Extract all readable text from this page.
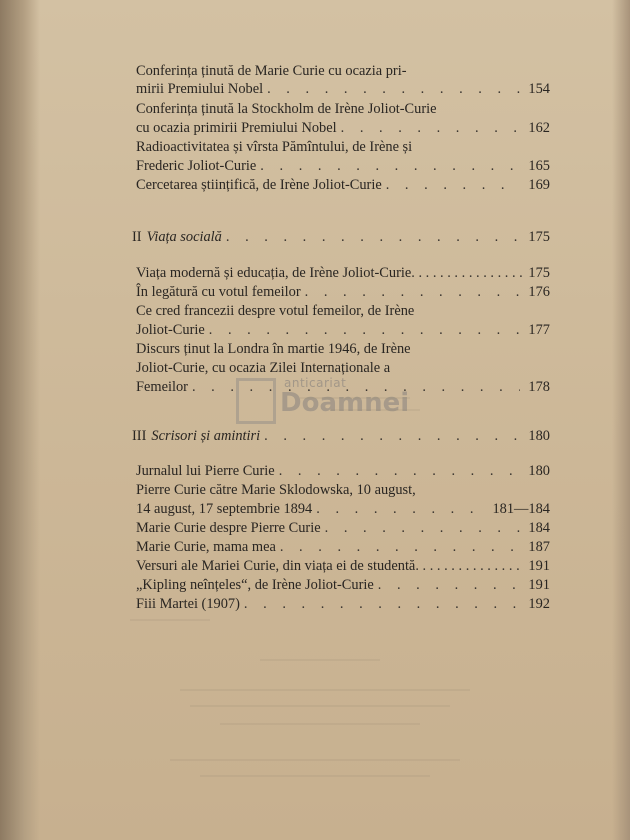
Conferința ținută de Marie Curie cu ocazia pri-
mirii Premiului Nobel . . .	154
Conferința ținută la Stockholm de Irène Joliot-Curie
cu ocazia primirii Premiului Nobel . . .	162
Radioactivitatea și vîrsta Pămîntului, de Irène și
Frederic Joliot-Curie . . .	165
Cercetarea științifică, de Irène Joliot-Curie . . .	169
II Viața socială . . .	175
Viața modernă și educația, de Irène Joliot-Curie . . .	175
În legătură cu votul femeilor . . .	176
Ce cred francezii despre votul femeilor, de Irène
Joliot-Curie . . .	177
Discurs ținut la Londra în martie 1946, de Irène
Joliot-Curie, cu ocazia Zilei Internaționale a
Femeilor . . .	178
III Scrisori și amintiri . . .	180
Jurnalul lui Pierre Curie . . .	180
Pierre Curie către Marie Sklodowska, 10 august,
14 august, 17 septembrie 1894 . . .	181—184
Marie Curie despre Pierre Curie . . .	184
Marie Curie, mama mea . . .	187
Versuri ale Mariei Curie, din viața ei de studentă . . .	191
„Kipling neînțeles“, de Irène Joliot-Curie . . .	191
Fiii Martei (1907) . . .	192
anticariat
Doamnei
